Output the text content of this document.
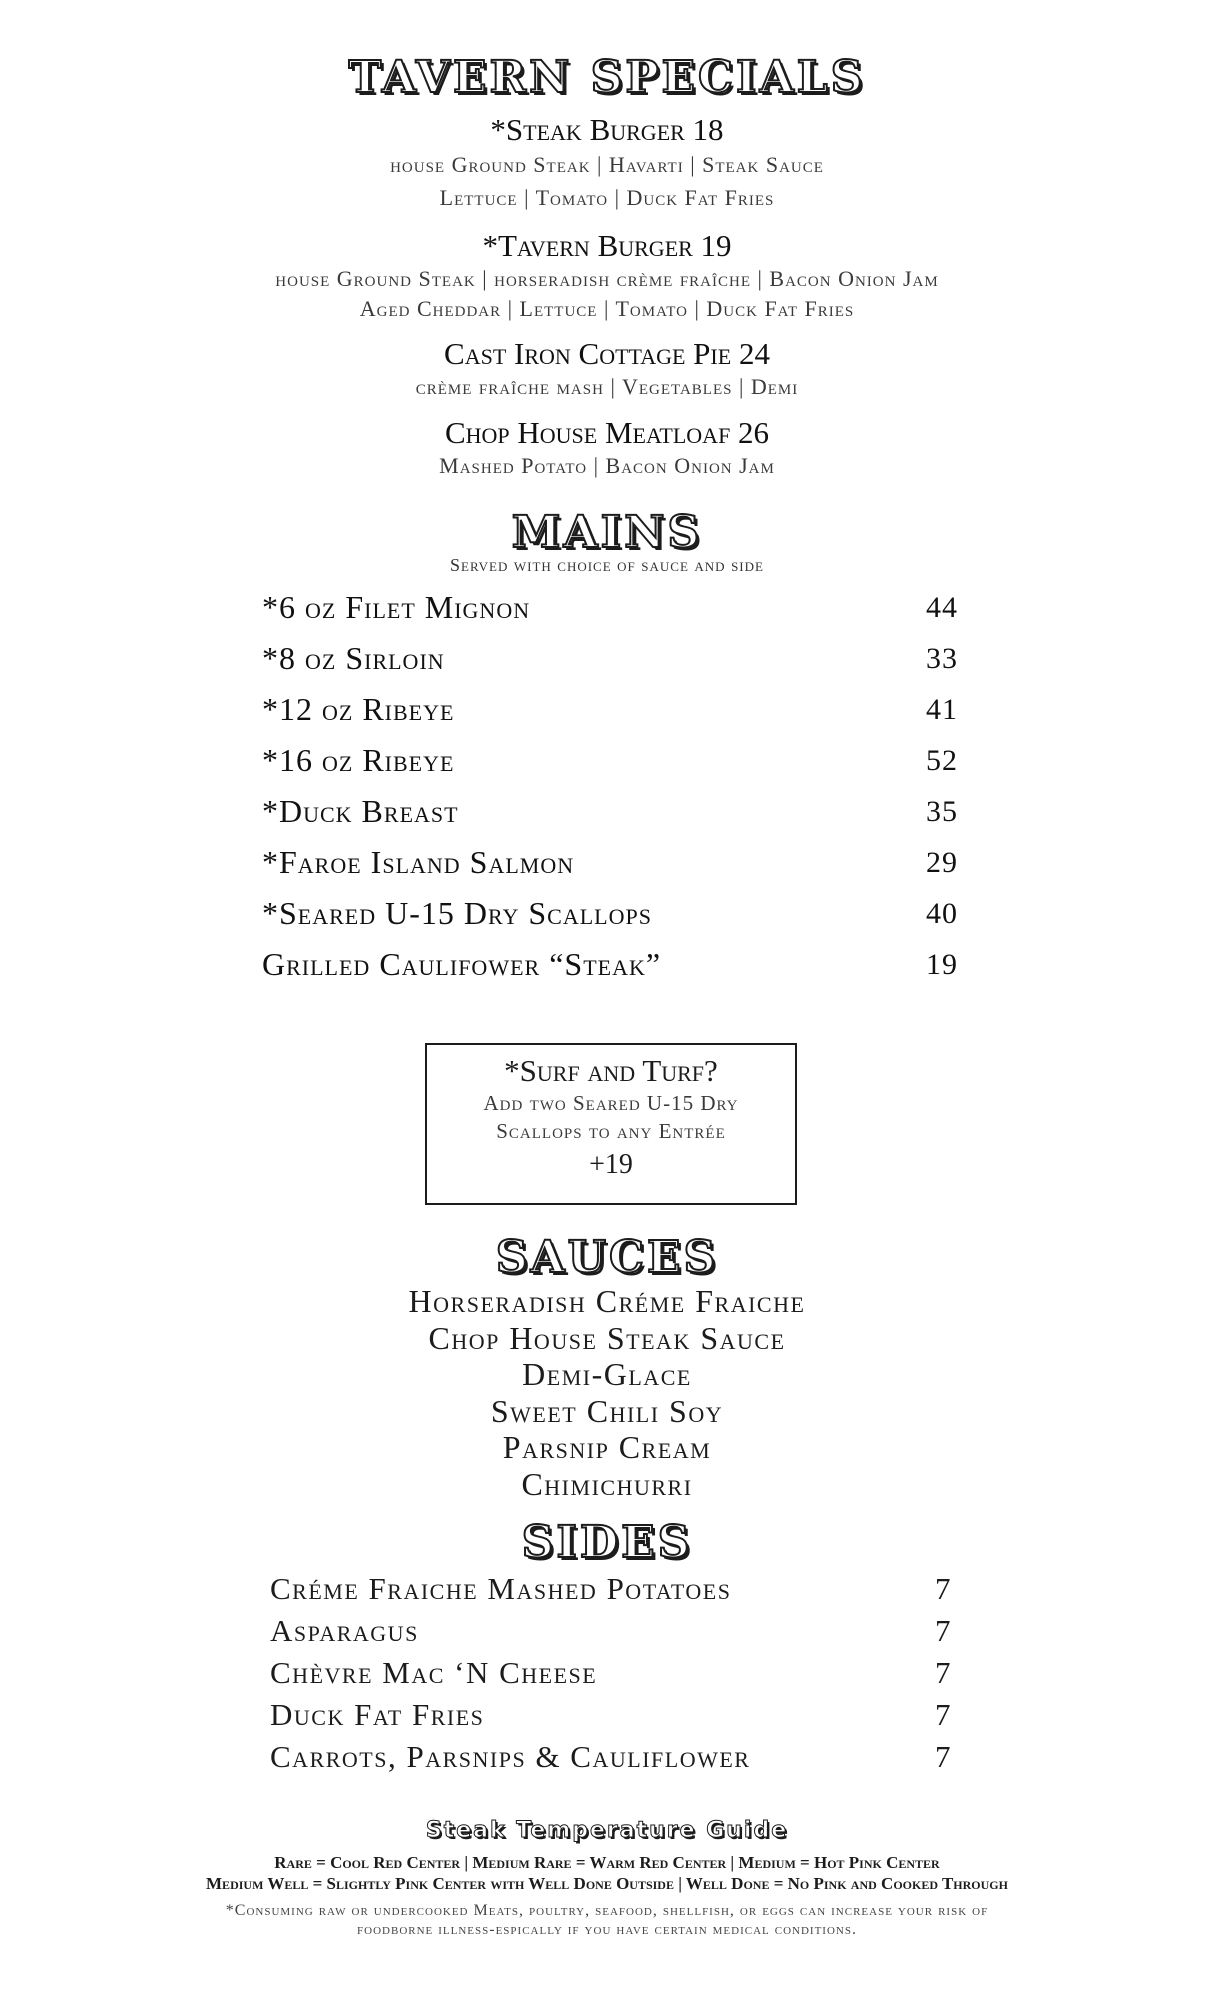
TAVERN SPECIALS
*Steak Burger 18
house Ground Steak | Havarti | Steak Sauce
Lettuce | Tomato | Duck Fat Fries
*Tavern Burger 19
house Ground Steak | horseradish crème fraîche | Bacon Onion Jam
Aged Cheddar | Lettuce | Tomato | Duck Fat Fries
Cast Iron Cottage Pie 24
crème fraîche mash | Vegetables | Demi
Chop House Meatloaf 26
Mashed Potato | Bacon Onion Jam
MAINS
Served with choice of sauce and side
*6 oz Filet Mignon	44
*8 oz Sirloin	33
*12 oz Ribeye	41
*16 oz Ribeye	52
*Duck Breast	35
*Faroe Island Salmon	29
*Seared U-15 Dry Scallops	40
Grilled Caulifower “Steak”	19
*Surf and Turf?
Add two Seared U-15 Dry
Scallops to any Entrée
+19
SAUCES
Horseradish Créme Fraiche
Chop House Steak Sauce
Demi-Glace
Sweet Chili Soy
Parsnip Cream
Chimichurri
SIDES
Créme Fraiche Mashed Potatoes	7
Asparagus	7
Chèvre Mac ‘N Cheese	7
Duck Fat Fries	7
Carrots, Parsnips & Cauliflower	7
Steak Temperature Guide
Rare = Cool Red Center | Medium Rare = Warm Red Center | Medium = Hot Pink Center
Medium Well = Slightly Pink Center with Well Done Outside | Well Done = No Pink and Cooked Through
*Consuming raw or undercooked Meats, poultry, seafood, shellfish, or eggs can increase your risk of
foodborne illness-espically if you have certain medical conditions.
